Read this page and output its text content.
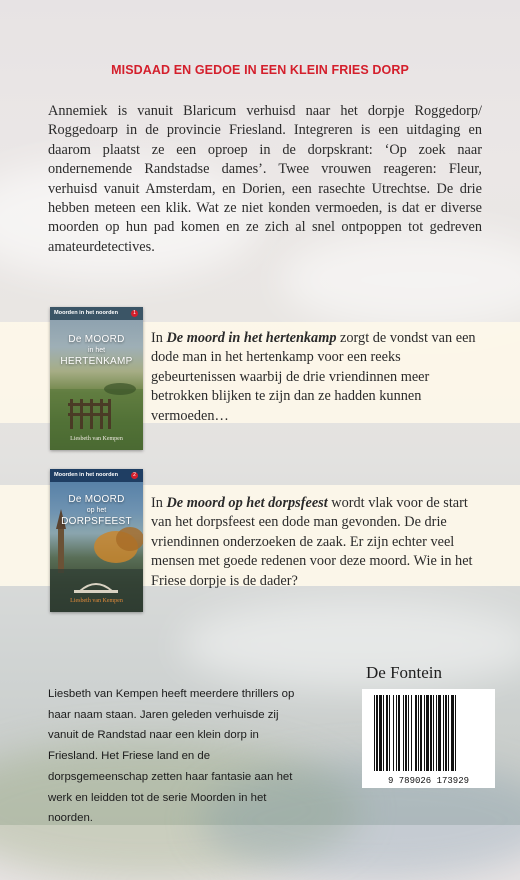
MISDAAD EN GEDOE IN EEN KLEIN FRIES DORP

Annemiek is vanuit Blaricum verhuisd naar het dorpje Roggedorp/ Roggedoarp in de provincie Friesland. Integreren is een uitdaging en daarom plaatst ze een oproep in de dorpskrant: ‘Op zoek naar ondernemende Randstadse dames’. Twee vrouwen reageren: Fleur, verhuisd vanuit Amsterdam, en Dorien, een rasechte Utrechtse. De drie hebben meteen een klik. Wat ze niet konden vermoeden, is dat er diverse moorden op hun pad komen en ze zich al snel ontpoppen tot gedreven amateurdetectives.

Moorden in het noorden	1
De MOORD
in het
HERTENKAMP
Liesbeth van Kempen

In De moord in het hertenkamp zorgt de vondst van een dode man in het hertenkamp voor een reeks gebeurtenissen waarbij de drie vriendinnen meer betrokken blijken te zijn dan ze hadden kunnen vermoeden…

Moorden in het noorden	2
De MOORD
op het
DORPSFEEST
Liesbeth van Kempen

In De moord op het dorpsfeest wordt vlak voor de start van het dorpsfeest een dode man gevonden. De drie vriendinnen onderzoeken de zaak. Er zijn echter veel mensen met goede redenen voor deze moord. Wie in het Friese dorpje is de dader?

Liesbeth van Kempen heeft meerdere thrillers op haar naam staan. Jaren geleden verhuisde zij vanuit de Randstad naar een klein dorp in Friesland. Het Friese land en de dorpsgemeenschap zetten haar fantasie aan het werk en leidden tot de serie Moorden in het noorden.

De Fontein
9 789026 173929
